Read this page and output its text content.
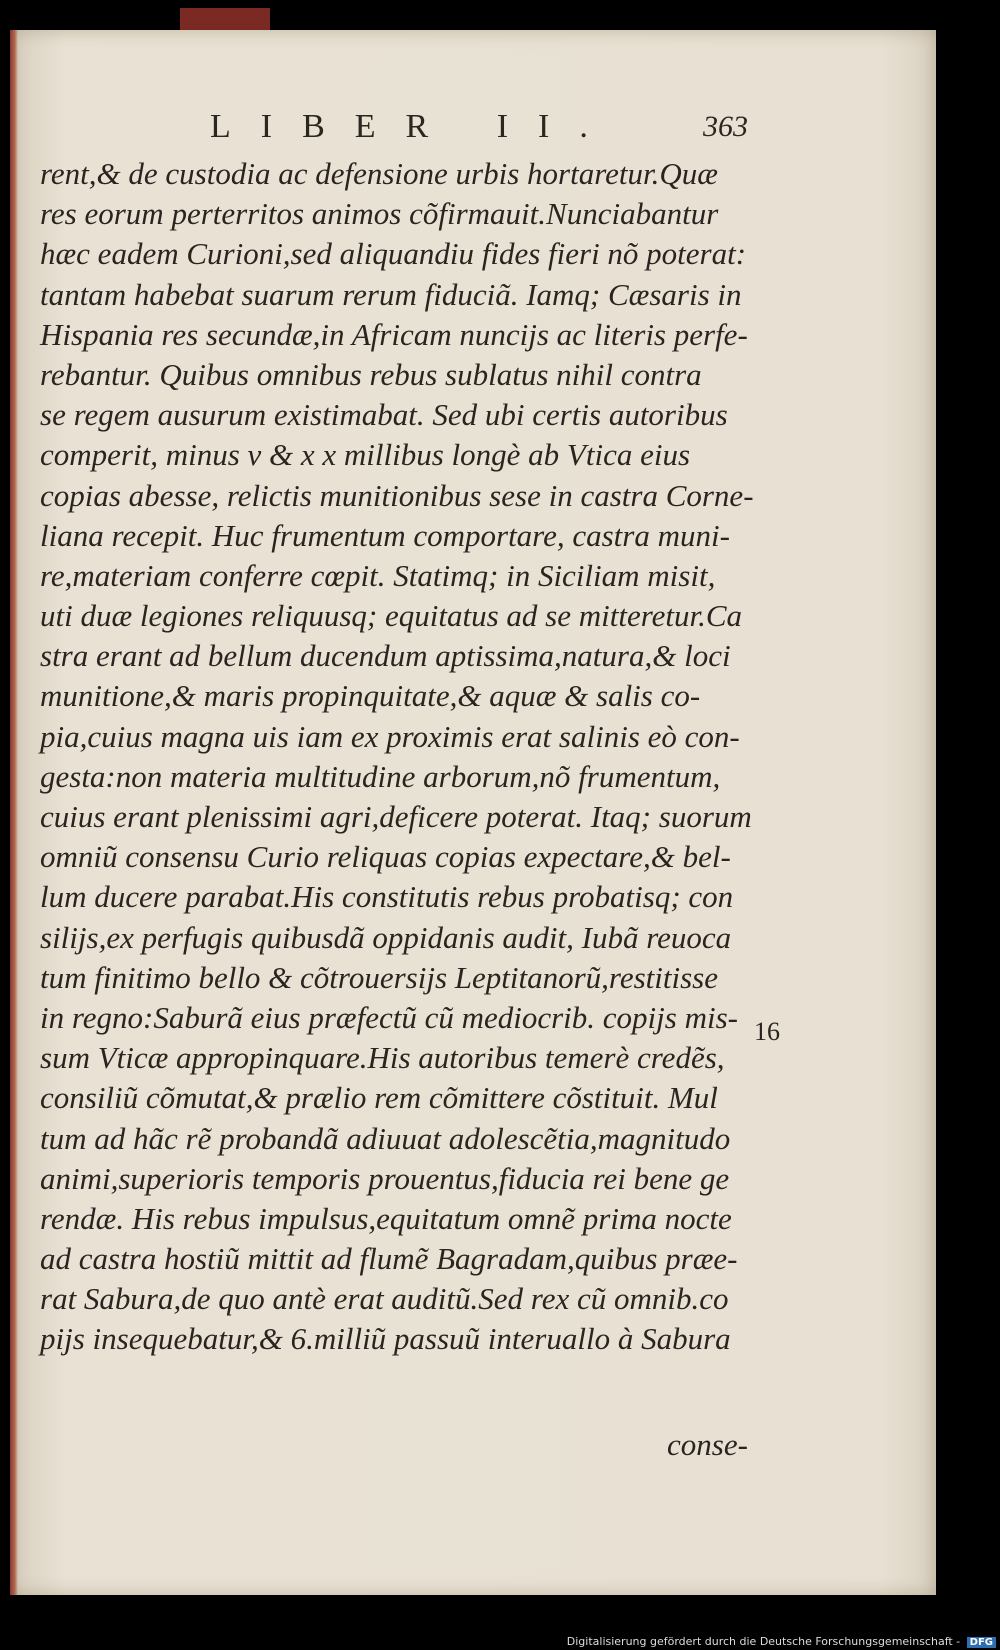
LIBER II.	363
rent,& de custodia ac defensione urbis hortaretur.Quæ
res eorum perterritos animos cõfirmauit.Nunciabantur
hæc eadem Curioni,sed aliquandiu fides fieri nõ poterat:
tantam habebat suarum rerum fiduciã. Iamq; Cæsaris in
Hispania res secundæ,in Africam nuncijs ac literis perfe-
rebantur. Quibus omnibus rebus sublatus nihil contra
se regem ausurum existimabat. Sed ubi certis autoribus
comperit, minus v & x x millibus longè ab Vtica eius
copias abesse, relictis munitionibus sese in castra Corne-
liana recepit. Huc frumentum comportare, castra muni-
re,materiam conferre cœpit. Statimq; in Siciliam misit,
uti duæ legiones reliquusq; equitatus ad se mitteretur.Ca
stra erant ad bellum ducendum aptissima,natura,& loci
munitione,& maris propinquitate,& aquæ & salis co-
pia,cuius magna uis iam ex proximis erat salinis eò con-
gesta:non materia multitudine arborum,nõ frumentum,
cuius erant plenissimi agri,deficere poterat. Itaq; suorum
omniũ consensu Curio reliquas copias expectare,& bel-
lum ducere parabat.His constitutis rebus probatisq; con
silijs,ex perfugis quibusdã oppidanis audit, Iubã reuoca
tum finitimo bello & cõtrouersijs Leptitanorũ,restitisse
in regno:Saburã eius præfectũ cũ mediocrib. copijs mis-
sum Vticæ appropinquare.His autoribus temerè credẽs,
consiliũ cõmutat,& prælio rem cõmittere cõstituit. Mul
tum ad hãc rẽ probandã adiuuat adolescẽtia,magnitudo
animi,superioris temporis prouentus,fiducia rei bene ge
rendæ. His rebus impulsus,equitatum omnẽ prima nocte
ad castra hostiũ mittit ad flumẽ Bagradam,quibus præe-
rat Sabura,de quo antè erat auditũ.Sed rex cũ omnib.co
pijs insequebatur,& 6.milliũ passuũ interuallo à Sabura
16
conse-
Digitalisierung gefördert durch die Deutsche Forschungsgemeinschaft - DFG
